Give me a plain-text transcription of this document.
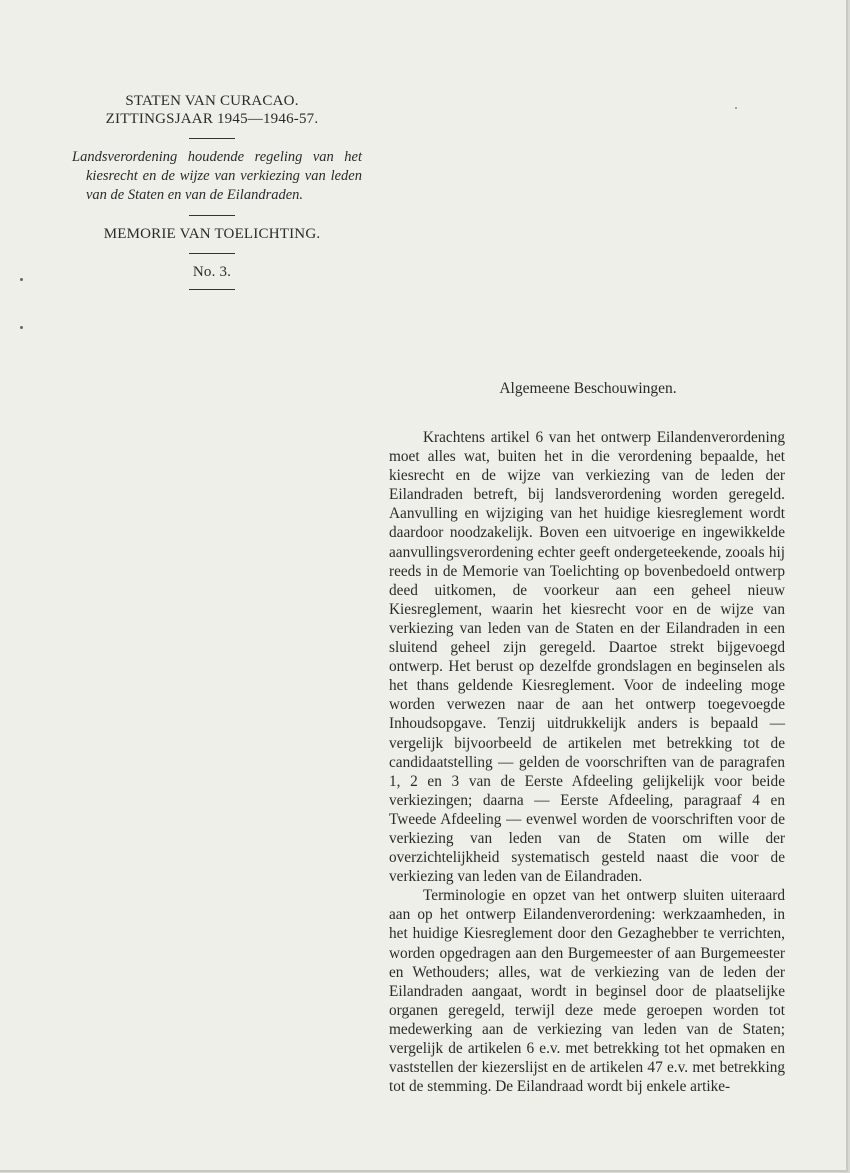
STATEN VAN CURACAO.
ZITTINGSJAAR 1945—1946-57.

Landsverordening houdende regeling van het kiesrecht en de wijze van verkiezing van leden van de Staten en van de Eilandraden.

MEMORIE VAN TOELICHTING.
No. 3.
Algemeene Beschouwingen.

Krachtens artikel 6 van het ontwerp Eilandenverordening moet alles wat, buiten het in die verordening bepaalde, het kiesrecht en de wijze van verkiezing van de leden der Eilandraden betreft, bij landsverordening worden geregeld. Aanvulling en wijziging van het huidige kiesreglement wordt daardoor noodzakelijk. Boven een uitvoerige en ingewikkelde aanvullingsverordening echter geeft ondergeteekende, zooals hij reeds in de Memorie van Toelichting op bovenbedoeld ontwerp deed uitkomen, de voorkeur aan een geheel nieuw Kiesreglement, waarin het kiesrecht voor en de wijze van verkiezing van leden van de Staten en der Eilandraden in een sluitend geheel zijn geregeld. Daartoe strekt bijgevoegd ontwerp. Het berust op dezelfde grondslagen en beginselen als het thans geldende Kiesreglement. Voor de indeeling moge worden verwezen naar de aan het ontwerp toegevoegde Inhoudsopgave. Tenzij uitdrukkelijk anders is bepaald — vergelijk bijvoorbeeld de artikelen met betrekking tot de candidaatstelling — gelden de voorschriften van de paragrafen 1, 2 en 3 van de Eerste Afdeeling gelijkelijk voor beide verkiezingen; daarna — Eerste Afdeeling, paragraaf 4 en Tweede Afdeeling — evenwel worden de voorschriften voor de verkiezing van leden van de Staten om wille der overzichtelijkheid systematisch gesteld naast die voor de verkiezing van leden van de Eilandraden.

Terminologie en opzet van het ontwerp sluiten uiteraard aan op het ontwerp Eilandenverordening: werkzaamheden, in het huidige Kiesreglement door den Gezaghebber te verrichten, worden opgedragen aan den Burgemeester of aan Burgemeester en Wethouders; alles, wat de verkiezing van de leden der Eilandraden aangaat, wordt in beginsel door de plaatselijke organen geregeld, terwijl deze mede geroepen worden tot medewerking aan de verkiezing van leden van de Staten; vergelijk de artikelen 6 e.v. met betrekking tot het opmaken en vaststellen der kiezerslijst en de artikelen 47 e.v. met betrekking tot de stemming. De Eilandraad wordt bij enkele artike-
